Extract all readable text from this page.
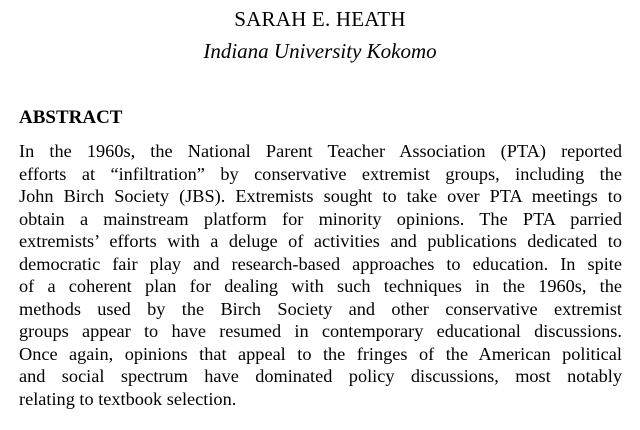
SARAH E. HEATH
Indiana University Kokomo
ABSTRACT
In the 1960s, the National Parent Teacher Association (PTA) reported
efforts at “infiltration” by conservative extremist groups, including the
John Birch Society (JBS). Extremists sought to take over PTA meetings to
obtain a mainstream platform for minority opinions. The PTA parried
extremists’ efforts with a deluge of activities and publications dedicated to
democratic fair play and research-based approaches to education. In spite
of a coherent plan for dealing with such techniques in the 1960s, the
methods used by the Birch Society and other conservative extremist
groups appear to have resumed in contemporary educational discussions.
Once again, opinions that appeal to the fringes of the American political
and social spectrum have dominated policy discussions, most notably
relating to textbook selection.
